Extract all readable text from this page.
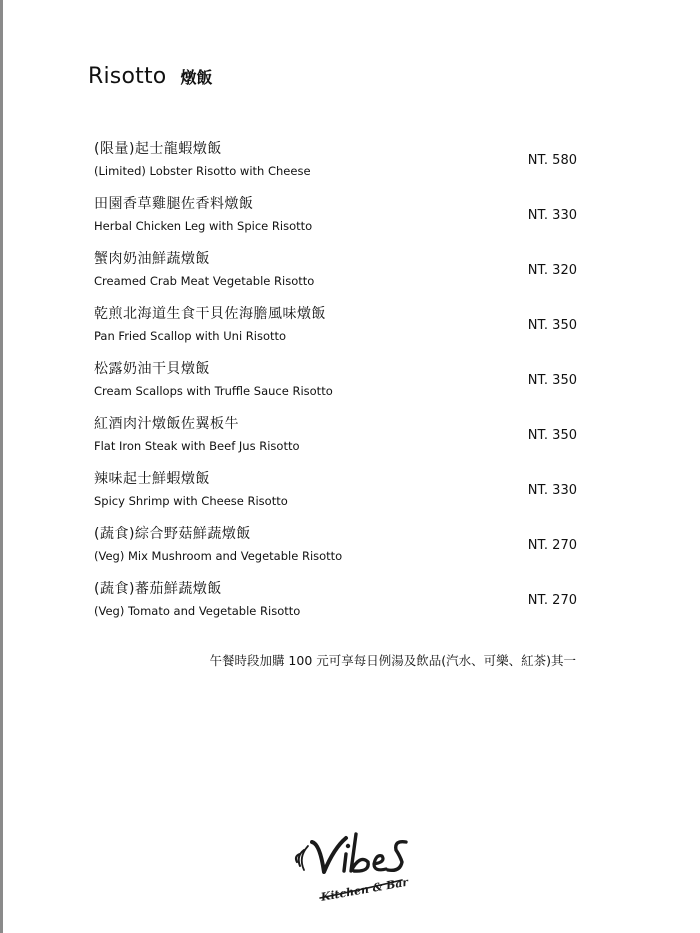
Risotto 燉飯
(限量)起士龍蝦燉飯
(Limited) Lobster Risotto with Cheese
NT. 580
田園香草雞腿佐香料燉飯
Herbal Chicken Leg with Spice Risotto
NT. 330
蟹肉奶油鮮蔬燉飯
Creamed Crab Meat Vegetable Risotto
NT. 320
乾煎北海道生食干貝佐海膽風味燉飯
Pan Fried Scallop with Uni Risotto
NT. 350
松露奶油干貝燉飯
Cream Scallops with Truffle Sauce Risotto
NT. 350
紅酒肉汁燉飯佐翼板牛
Flat Iron Steak with Beef Jus Risotto
NT. 350
辣味起士鮮蝦燉飯
Spicy Shrimp with Cheese Risotto
NT. 330
(蔬食)綜合野菇鮮蔬燉飯
(Veg) Mix Mushroom and Vegetable Risotto
NT. 270
(蔬食)蕃茄鮮蔬燉飯
(Veg) Tomato and Vegetable Risotto
NT. 270
午餐時段加購 100 元可享每日例湯及飲品(汽水、可樂、紅茶)其一
Kitchen & Bar
